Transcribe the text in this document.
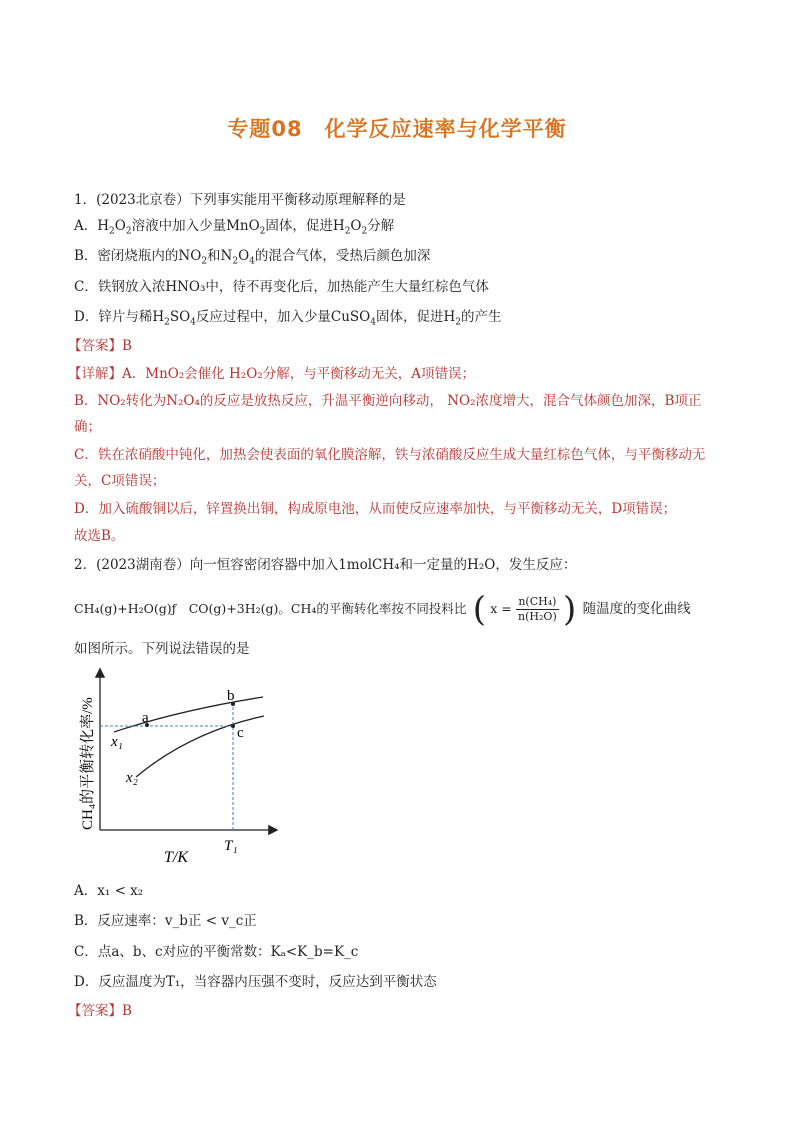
专题08　化学反应速率与化学平衡
1．(2023北京卷）下列事实能用平衡移动原理解释的是
A．$H_2O_2$溶液中加入少量MnO$_2$固体，促进$H_2O_2$分解
B．密闭烧瓶内的$NO_2$和$N_2O_4$的混合气体，受热后颜色加深
C．铁钢放入浓HNO₃中，待不再变化后，加热能产生大量红棕色气体
D．锌片与稀$H_2SO_4$反应过程中，加入少量CuSO$_4$固体，促进$H_2$的产生
【答案】B
【详解】A．MnO₂会催化 H₂O₂分解，与平衡移动无关，A项错误；
B．NO₂转化为N₂O₄的反应是放热反应，升温平衡逆向移动， NO₂浓度增大，混合气体颜色加深，B项正
确；
C．铁在浓硝酸中钝化，加热会使表面的氧化膜溶解，铁与浓硝酸反应生成大量红棕色气体，与平衡移动无
关，C项错误；
D．加入硫酸铜以后，锌置换出铜，构成原电池，从而使反应速率加快，与平衡移动无关，D项错误；
故选B。
2．(2023湖南卷）向一恒容密闭容器中加入1molCH₄和一定量的H₂O，发生反应：
CH₄(g)+H₂O(g)ƒ　CO(g)+3H₂(g)。CH₄的平衡转化率按不同投料比 ( $x = \frac{\text{n(CH₄)}}{\text{n(H₂O)}}$ ) 随温度的变化曲线
如图所示。下列说法错误的是
a
b
c
x₁
x₂
T₁
T/K
CH₄的平衡转化率/%
A．x₁ < x₂
B．反应速率：v_b正 < v_c正
C．点a、b、c对应的平衡常数：Kₐ<K_b=K_c
D．反应温度为T₁，当容器内压强不变时，反应达到平衡状态
【答案】B
